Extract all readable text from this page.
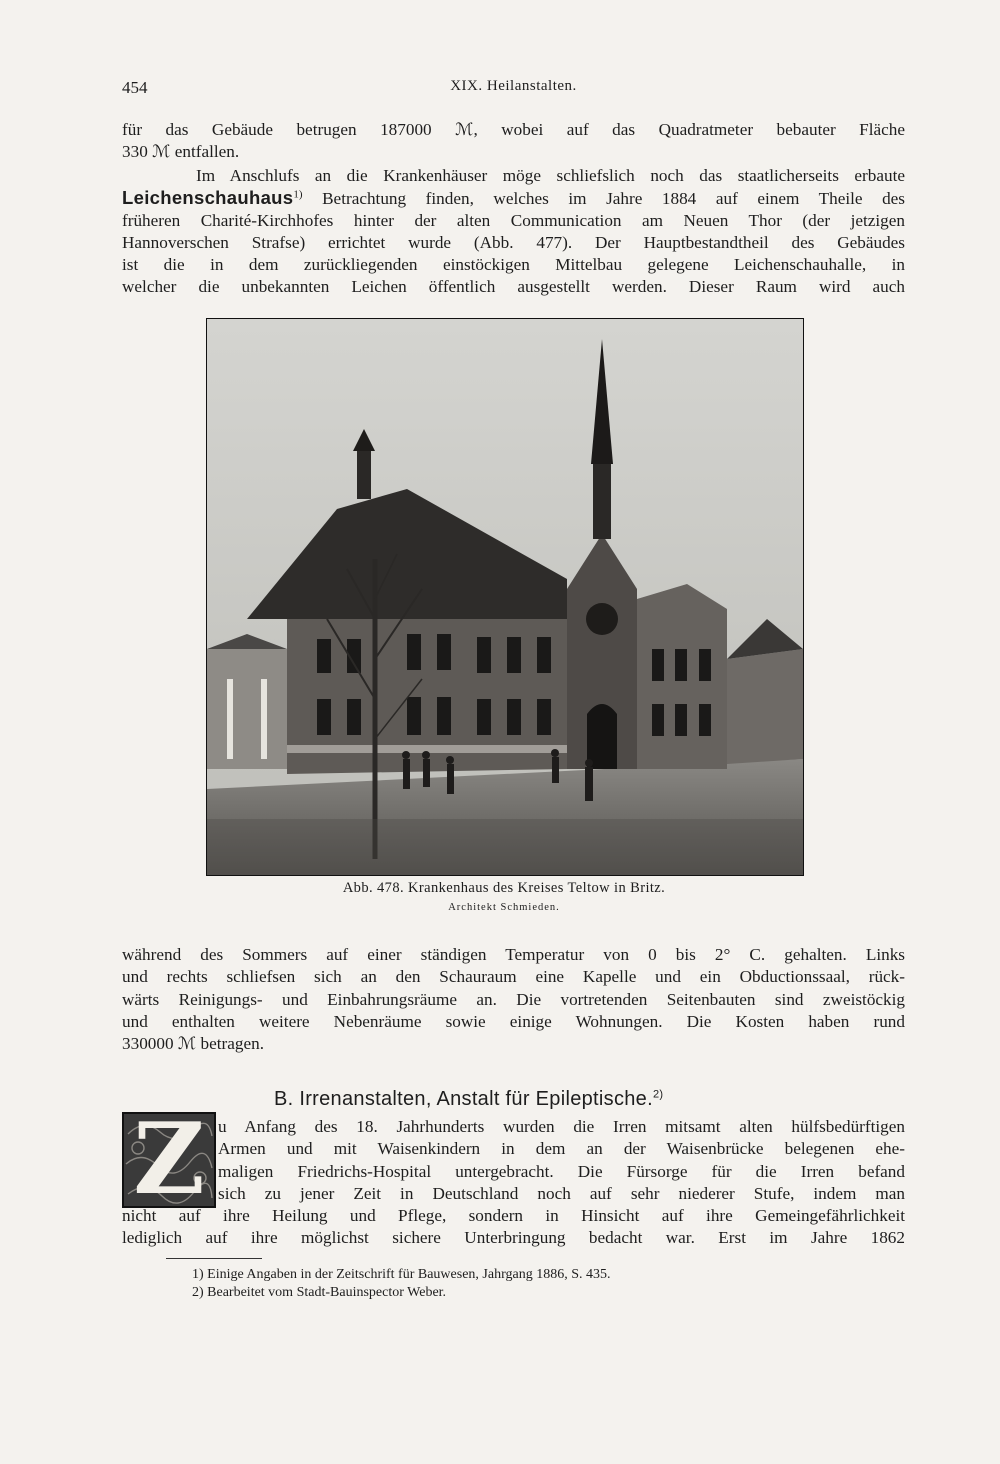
454	XIX. Heilanstalten.
für das Gebäude betrugen 187000 ℳ, wobei auf das Quadratmeter bebauter Fläche
330 ℳ entfallen.
Im Anschlufs an die Krankenhäuser möge schliefslich noch das staatlicherseits erbaute
Leichenschauhaus$^{1)}$ Betrachtung finden, welches im Jahre 1884 auf einem Theile des
früheren Charité-Kirchhofes hinter der alten Communication am Neuen Thor (der jetzigen
Hannoverschen Strafse) errichtet wurde (Abb. 477). Der Hauptbestandtheil des Gebäudes
ist die in dem zurückliegenden einstöckigen Mittelbau gelegene Leichenschauhalle, in
welcher die unbekannten Leichen öffentlich ausgestellt werden. Dieser Raum wird auch
Abb. 478. Krankenhaus des Kreises Teltow in Britz.
Architekt Schmieden.
während des Sommers auf einer ständigen Temperatur von 0 bis 2° C. gehalten. Links
und rechts schliefsen sich an den Schauraum eine Kapelle und ein Obductionssaal, rück-
wärts Reinigungs- und Einbahrungsräume an. Die vortretenden Seitenbauten sind zweistöckig
und enthalten weitere Nebenräume sowie einige Wohnungen. Die Kosten haben rund
330000 ℳ betragen.
B. Irrenanstalten, Anstalt für Epileptische.$^{2)}$
Z u Anfang des 18. Jahrhunderts wurden die Irren mitsamt alten hülfsbedürftigen
Armen und mit Waisenkindern in dem an der Waisenbrücke belegenen ehe-
maligen Friedrichs-Hospital untergebracht. Die Fürsorge für die Irren befand
sich zu jener Zeit in Deutschland noch auf sehr niederer Stufe, indem man
nicht auf ihre Heilung und Pflege, sondern in Hinsicht auf ihre Gemeingefährlichkeit
lediglich auf ihre möglichst sichere Unterbringung bedacht war. Erst im Jahre 1862
1) Einige Angaben in der Zeitschrift für Bauwesen, Jahrgang 1886, S. 435.
2) Bearbeitet vom Stadt-Bauinspector Weber.
